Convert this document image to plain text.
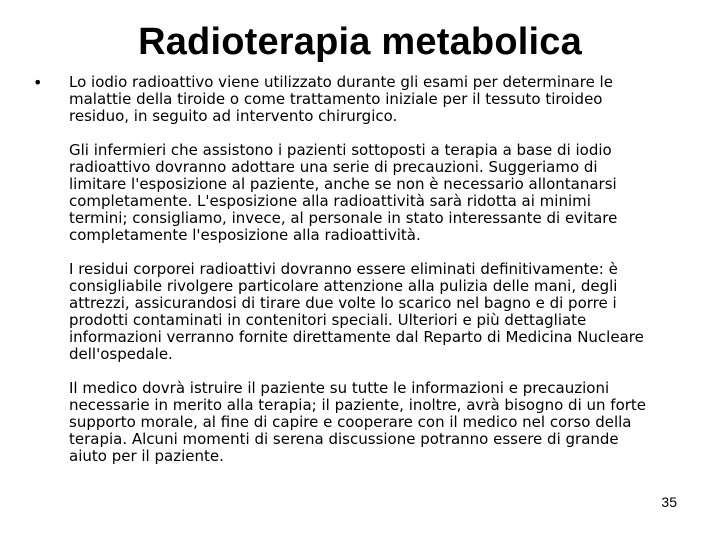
Radioterapia metabolica
• Lo iodio radioattivo viene utilizzato durante gli esami per determinare le
malattie della tiroide o come trattamento iniziale per il tessuto tiroideo
residuo, in seguito ad intervento chirurgico.

Gli infermieri che assistono i pazienti sottoposti a terapia a base di iodio
radioattivo dovranno adottare una serie di precauzioni. Suggeriamo di
limitare l'esposizione al paziente, anche se non è necessario allontanarsi
completamente. L'esposizione alla radioattività sarà ridotta ai minimi
termini; consigliamo, invece, al personale in stato interessante di evitare
completamente l'esposizione alla radioattività.

I residui corporei radioattivi dovranno essere eliminati definitivamente: è
consigliabile rivolgere particolare attenzione alla pulizia delle mani, degli
attrezzi, assicurandosi di tirare due volte lo scarico nel bagno e di porre i
prodotti contaminati in contenitori speciali. Ulteriori e più dettagliate
informazioni verranno fornite direttamente dal Reparto di Medicina Nucleare
dell'ospedale.

Il medico dovrà istruire il paziente su tutte le informazioni e precauzioni
necessarie in merito alla terapia; il paziente, inoltre, avrà bisogno di un forte
supporto morale, al fine di capire e cooperare con il medico nel corso della
terapia. Alcuni momenti di serena discussione potranno essere di grande
aiuto per il paziente.

35
